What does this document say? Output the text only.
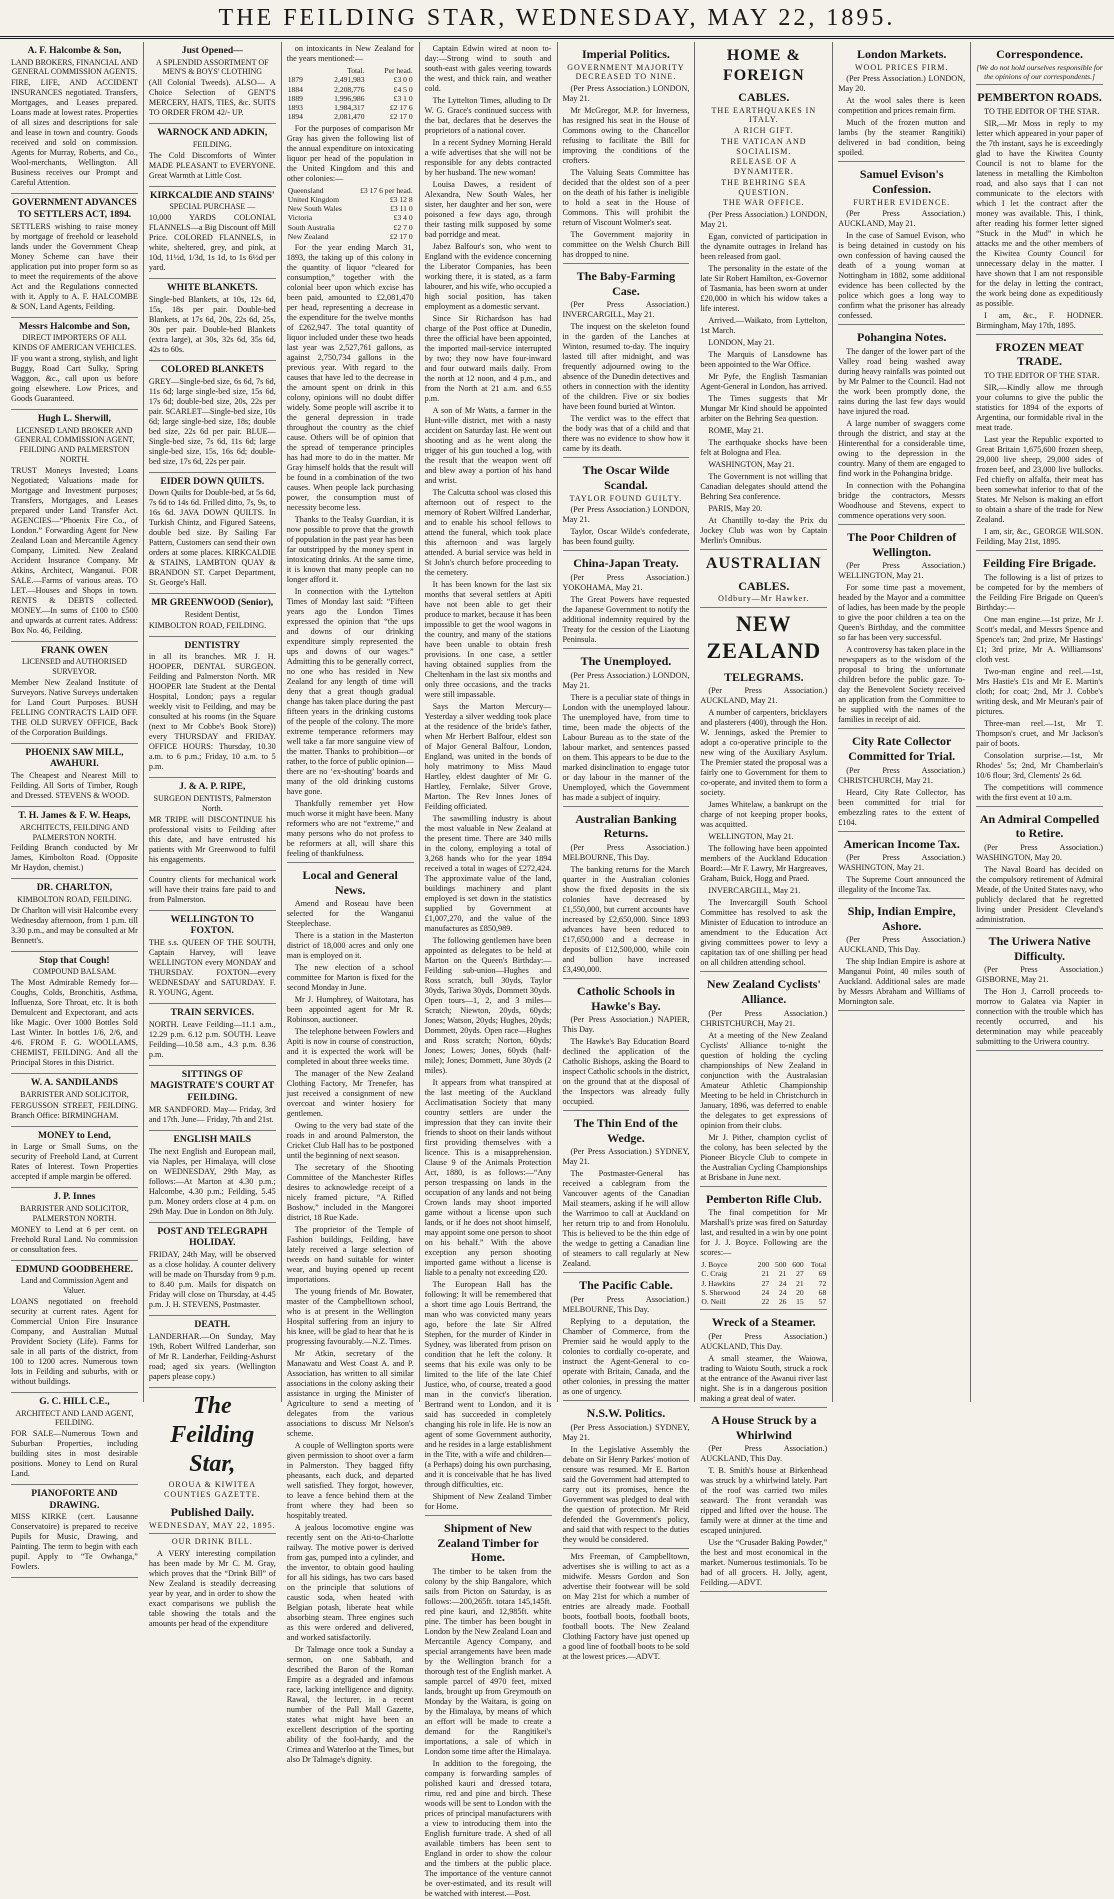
THE FEILDING STAR, WEDNESDAY, MAY 22, 1895.
A. F. Halcombe & Son,
LAND BROKERS, FINANCIAL AND GENERAL COMMISSION AGENTS.

FIRE, LIFE, AND ACCIDENT INSURANCES negotiated. Transfers, Mortgages, and Leases prepared. Loans made at lowest rates. Properties of all sizes and descriptions for sale and lease in town and country. Goods received and sold on commission. Agents for Murray, Roberts, and Co., Wool-merchants, Wellington. All Business receives our Prompt and Careful Attention.

GOVERNMENT ADVANCES TO SETTLERS ACT, 1894.

SETTLERS wishing to raise money by mortgage of freehold or leasehold lands under the Government Cheap Money Scheme can have their application put into proper form so as to meet the requirements of the above Act and the Regulations connected with it. Apply to A. F. HALCOMBE & SON, Land Agents, Feilding.

Messrs Halcombe and Son,
DIRECT IMPORTERS OF ALL KINDS OF AMERICAN VEHICLES.

IF you want a strong, stylish, and light Buggy, Road Cart Sulky, Spring Waggon, &c., call upon us before going elsewhere. Low Prices, and Goods Guaranteed.

Hugh L. Sherwill,
LICENSED LAND BROKER AND GENERAL COMMISSION AGENT, FEILDING AND PALMERSTON NORTH.

TRUST Moneys Invested; Loans Negotiated; Valuations made for Mortgage and Investment purposes; Transfers, Mortgages, and Leases prepared under Land Transfer Act. AGENCIES—“Phoenix Fire Co., of London.” Forwarding Agent for New Zealand Loan and Mercantile Agency Company, Limited. New Zealand Accident Insurance Company. Mr Atkins, Architect, Wanganui. FOR SALE.—Farms of various areas. TO LET.—Houses and Shops in town. RENTS & DEBTS collected. MONEY.—In sums of £100 to £500 and upwards at current rates. Address: Box No. 46, Feilding.

FRANK OWEN
LICENSED and AUTHORISED SURVEYOR.

Member New Zealand Institute of Surveyors. Native Surveys undertaken for Land Court Purposes. BUSH FELLING CONTRACTS LAID OFF. THE OLD SURVEY OFFICE, Back of the Corporation Buildings.

PHOENIX SAW MILL, AWAHURI.

The Cheapest and Nearest Mill to Feilding. All Sorts of Timber, Rough and Dressed. STEVENS & WOOD.

T. H. James & F. W. Heaps,
ARCHITECTS, FEILDING AND PALMERSTON NORTH.

Feilding Branch conducted by Mr James, Kimbolton Road. (Opposite Mr Haydon, chemist.)

DR. CHARLTON,
KIMBOLTON ROAD, FEILDING.

Dr Charlton will visit Halcombe every Wednesday afternoon, from 1 p.m. till 3.30 p.m., and may be consulted at Mr Bennett's.

Stop that Cough!
COMPOUND BALSAM.

The Most Admirable Remedy for—Coughs, Colds, Bronchitis, Asthma, Influenza, Sore Throat, etc. It is both Demulcent and Expectorant, and acts like Magic. Over 1000 Bottles Sold Last Winter. In bottles 1/6, 2/6, and 4/6. FROM F. G. WOOLLAMS, CHEMIST, FEILDING. And all the Principal Stores in this District.

W. A. SANDILANDS
BARRISTER AND SOLICITOR,

FERGUSSON STREET, FEILDING. Branch Office: BIRMINGHAM.

MONEY to Lend,

in Large or Small Sums, on the security of Freehold Land, at Current Rates of Interest. Town Properties accepted if ample margin be offered.

J. P. Innes
BARRISTER AND SOLICITOR, PALMERSTON NORTH.

MONEY to Lend at 6 per cent. on Freehold Rural Land. No commission or consultation fees.

EDMUND GOODBEHERE.
Land and Commission Agent and Valuer.

LOANS negotiated on freehold security at current rates. Agent for Commercial Union Fire Insurance Company, and Australian Mutual Provident Society (Life). Farms for sale in all parts of the district, from 100 to 1200 acres. Numerous town lots in Feilding and suburbs, with or without buildings.

G. C. HILL C.E.,
ARCHITECT AND LAND AGENT, FEILDING.

FOR SALE—Numerous Town and Suburban Properties, including building sites in most desirable positions. Money to Lend on Rural Land.

PIANOFORTE AND DRAWING.

MISS KIRKE (cert. Lausanne Conservatoire) is prepared to receive Pupils for Music, Drawing, and Painting. The term to begin with each pupil. Apply to “Te Owhanga,” Fowlers.

Just Opened—
A SPLENDID ASSORTMENT OF MEN'S & BOYS' CLOTHING

(All Colonial Tweeds). ALSO— A Choice Selection of GENT'S MERCERY, HATS, TIES, &c. SUITS TO ORDER FROM 42/- UP.

WARNOCK AND ADKIN,
FEILDING.

The Cold Discomforts of Winter MADE PLEASANT to EVERYONE. Great Warmth at Little Cost.

KIRKCALDIE AND STAINS'
SPECIAL PURCHASE —

10,000 YARDS COLONIAL FLANNELS—a Big Discount off Mill Price. COLORED FLANNELS, in white, sheltered, grey, and pink, at 10d, 11½d, 1/3d, 1s 1d, to 1s 6½d per yard.

WHITE BLANKETS.

Single-bed Blankets, at 10s, 12s 6d, 15s, 18s per pair. Double-bed Blankets, at 17s 6d, 20s, 22s 6d, 25s, 30s per pair. Double-bed Blankets (extra large), at 30s, 32s 6d, 35s 6d, 42s to 60s.

COLORED BLANKETS

GREY—Single-bed size, 6s 6d, 7s 6d, 11s 6d; large single-bed size, 15s 6d, 17s 6d; double-bed size, 20s, 22s per pair. SCARLET—Single-bed size, 10s 6d; large single-bed size, 18s; double bed size, 22s 6d per pair. BLUE—Single-bed size, 7s 6d, 11s 6d; large single-bed size, 15s, 16s 6d; double-bed size, 17s 6d, 22s per pair.

EIDER DOWN QUILTS.

Down Quilts for Double-bed, at 5s 6d, 7s 6d to 14s 6d. Frilled ditto, 7s, 9s, to 16s 6d. JAVA DOWN QUILTS. In Turkish Chintz, and Figured Sateens, double bed size. By Sailing Far Pattern, Customers can send their own orders at some places. KIRKCALDIE & STAINS, LAMBTON QUAY & BRANDON ST. Carpet Department, St. George's Hall.

MR GREENWOOD (Senior),
Resident Dentist,

KIMBOLTON ROAD, FEILDING.

DENTISTRY

in all its branches. MR J. H. HOOPER, DENTAL SURGEON. Feilding and Palmerston North. MR HOOPER late Student at the Dental Hospital, London; pays a regular weekly visit to Feilding, and may be consulted at his rooms (in the Square (next to Mr Cobbe's Book Store)) every THURSDAY and FRIDAY. OFFICE HOURS: Thursday, 10.30 a.m. to 6 p.m.; Friday, 10 a.m. to 5 p.m.

J. & A. P. RIPE,
SURGEON DENTISTS, Palmerston North.

MR TRIPE will DISCONTINUE his professional visits to Feilding after this date, and have entrusted his patients with Mr Greenwood to fulfil his engagements.

Country clients for mechanical work will have their trains fare paid to and from Palmerston.

WELLINGTON TO FOXTON.

THE s.s. QUEEN OF THE SOUTH, Captain Harvey, will leave WELLINGTON every MONDAY and THURSDAY. FOXTON—every WEDNESDAY and SATURDAY. F. R. YOUNG, Agent.

TRAIN SERVICES.

NORTH. Leave Feilding—11.1 a.m., 12.29 p.m. 6.12 p.m. SOUTH. Leave Feilding—10.58 a.m., 4.3 p.m. 8.36 p.m.

SITTINGS OF MAGISTRATE'S COURT AT FEILDING.

MR SANDFORD. May— Friday, 3rd and 17th. June— Friday, 7th and 21st.

ENGLISH MAILS

The next English and European mail, via Naples, per Himalaya, will close on WEDNESDAY, 29th May, as follows:—At Marton at 4.30 p.m.; Halcombe, 4.30 p.m.; Feilding, 5.45 p.m. Money orders close at 4 p.m. on 29th May. Due in London on 8th July.

POST AND TELEGRAPH HOLIDAY.

FRIDAY, 24th May, will be observed as a close holiday. A counter delivery will be made on Thursday from 9 p.m. to 8.40 p.m. Mails for dispatch on Friday will close on Thursday, at 4.45 p.m. J. H. STEVENS, Postmaster.

DEATH.

LANDERHAR.—On Sunday, May 19th, Robert Wilfred Landerhar, son of Mr R. Landerhar, Feilding-Ashurst road; aged six years. (Wellington papers please copy.)

The Feilding Star,
OROUA & KIWITEA COUNTIES GAZETTE.
Published Daily.
WEDNESDAY, MAY 22, 1895.
OUR DRINK BILL.

A VERY interesting compilation has been made by Mr C. M. Gray, which proves that the “Drink Bill” of New Zealand is steadily decreasing year by year, and in order to show the exact comparisons we publish the table showing the totals and the amounts per head of the expenditure

on intoxicants in New Zealand for the years mentioned:—

	Total.	Per head.
1879	2,491,983	£3 0 0
1884	2,208,776	£4 5 0
1889	1,996,986	£3 1 0
1893	1,984,317	£2 17 6
1894	2,081,470	£2 17 0

For the purposes of comparison Mr Gray has given the following list of the annual expenditure on intoxicating liquor per head of the population in the United Kingdom and this and other colonies:—

Queensland	£3 17 6 per head.
United Kingdom	£3 12 8
New South Wales	£3 11 0
Victoria	£3 4 0
South Australia	£2 7 0
New Zealand	£2 17 0

For the year ending March 31, 1893, the taking up of this colony in the quantity of liquor “cleared for consumption,” together with the colonial beer upon which excise has been paid, amounted to £2,081,470 per head, representing a decrease in the expenditure for the twelve months of £262,947. The total quantity of liquor included under these two heads last year was 2,527,761 gallons, as against 2,750,734 gallons in the previous year. With regard to the causes that have led to the decrease in the amount spent on drink in this colony, opinions will no doubt differ widely. Some people will ascribe it to the general depression in trade throughout the country as the chief cause. Others will be of opinion that the spread of temperance principles has had more to do in the matter. Mr Gray himself holds that the result will be found in a combination of the two causes. When people lack purchasing power, the consumption must of necessity become less.

Thanks to the Tealsy Guardian, it is now possible to prove that the growth of population in the past year has been far outstripped by the money spent in intoxicating drinks. At the same time, it is known that many people can no longer afford it.

In connection with the Lyttelton Times of Monday last said: “Fifteen years ago the London Times expressed the opinion that “the ups and downs of our drinking expenditure simply represented the ups and downs of our wages.” Admitting this to be generally correct, no one who has resided in New Zealand for any length of time will deny that a great though gradual change has taken place during the past fifteen years in the drinking customs of the people of the colony. The more extreme temperance reformers may well take a far more sanguine view of the matter. Thanks to prohibition—or rather, to the force of public opinion—there are no ‘ex-shouting’ boards and many of the old drinking customs have gone.

Thankfully remember yet How much worse it might have been. Many reformers who are not “extreme,” and many persons who do not profess to be reformers at all, will share this feeling of thankfulness.

Local and General News.

Amend and Roseau have been selected for the Wanganui Steeplechase.

There is a station in the Masterton district of 18,000 acres and only one man is employed on it.

The new election of a school committee for Marton is fixed for the second Monday in June.

Mr J. Humphrey, of Waitotara, has been appointed agent for Mr R. Robinson, auctioneer.

The telephone between Fowlers and Apiti is now in course of construction, and it is expected the work will be completed in about three weeks time.

The manager of the New Zealand Clothing Factory, Mr Trenefer, has just received a consignment of new overcoat and winter hosiery for gentlemen.

Owing to the very bad state of the roads in and around Palmerston, the Cricket Club Hall has to be postponed until the beginning of next season.

The secretary of the Shooting Committee of the Manchester Rifles desires to acknowledge receipt of a nicely framed picture, “A Rifled Boshow,” included in the Mangorei district, 18 Rue Kade.

The proprietor of the Temple of Fashion buildings, Feilding, have lately received a large selection of tweeds on hand suitable for winter wear, and buying opened up recent importations.

The young friends of Mr. Bowater, master of the Campbelltown school, who is at present in the Wellington Hospital suffering from an injury to his knee, will be glad to hear that he is progressing favourably.—N.Z. Times.

Mr Atkin, secretary of the Manawatu and West Coast A. and P. Association, has written to all similar associations in the colony asking their assistance in urging the Minister of Agriculture to send a meeting of delegates from the various associations to discuss Mr Nelson's scheme.

A couple of Wellington sports were given permission to shoot over a farm in Palmerston. They bagged fifty pheasants, each duck, and departed well satisfied. They forgot, however, to leave a fence behind them at the front where they had been so hospitably treated.

A jealous locomotive engine was recently sent on the Ati-to-Charlotte railway. The motive power is derived from gas, pumped into a cylinder, and the inventor, to obtain good hauling for all his sidings, has two cars based on the principle that solutions of caustic soda, when heated with Belgian potash, liberate heat while absorbing steam. Three engines such as this were ordered and delivered, and worked satisfactorily.

Dr Talmage once took a Sunday a sermon, on one Sabbath, and described the Baron of the Roman Empire as a degraded and infamous race, lacking intelligence and dignity. Rawal, the lecturer, in a recent number of the Pall Mall Gazette, states what might have been an excellent description of the sporting ability of the fool-hardy, and the Crimea and Waterloo at the Times, but also Dr Talmage's dignity.

Captain Edwin wired at noon to-day:—Strong wind to south and south-east with gales veering towards the west, and thick rain, and weather cold.

The Lyttelton Times, alluding to Dr W. G. Grace's continued success with the bat, declares that he deserves the proprietors of a national cover.

In a recent Sydney Morning Herald a wife advertises that she will not be responsible for any debts contracted by her husband. The new woman!

Louisa Dawes, a resident of Alexandra, New South Wales, her sister, her daughter and her son, were poisoned a few days ago, through their tasting milk supposed by some bad porridge and meat.

Jabez Balfour's son, who went to England with the evidence concerning the Liberator Companies, has been working there, it is stated, as a farm labourer, and his wife, who occupied a high social position, has taken employment as a domestic servant.

Since Sir Richardson has had charge of the Post office at Dunedin, three the official have been appointed, the imported mail-service interrupted by two; they now have four-inward and four outward mails daily. From the north at 12 noon, and 4 p.m., and from the North at 21 a.m. and 6.55 p.m.

A son of Mr Watts, a farmer in the Hunt-ville district, met with a nasty accident on Saturday last. He went out shooting and as he went along the trigger of his gun touched a log, with the result that the weapon went off and blew away a portion of his hand and wrist.

The Calcutta school was closed this afternoon out of respect to the memory of Robert Wilfred Landerhar, and to enable his school fellows to attend the funeral, which took place this afternoon and was largely attended. A burial service was held in St John's church before proceeding to the cemetery.

It has been known for the last six months that several settlers at Apiti have not been able to get their produce to market, because it has been impossible to get the wool wagons in the country, and many of the stations have been unable to obtain fresh provisions. In one case, a settler having obtained supplies from the Cheltenham in the last six months and only three occasions, and the tracks were still impassable.

Says the Marton Mercury—Yesterday a silver wedding took place at the residence of the bride's father, when Mr Herbert Balfour, eldest son of Major General Balfour, London, England, was united in the bonds of holy matrimony to Miss Maud Hartley, eldest daughter of Mr G. Hartley, Fernlake, Silver Grove, Marton. The Rev Innes Jones of Feilding officiated.

The sawmilling industry is about the most valuable in New Zealand at the present time. There are 340 mills in the colony, employing a total of 3,268 hands who for the year 1894 received a total in wages of £272,424. The approximate value of the land, buildings machinery and plant employed is set down in the statistics supplied by Government at £1,007,270, and the value of the manufactures as £850,989.

The following gentlemen have been appointed as delegates to be held at Marton on the Queen's Birthday:—Feilding sub-union—Hughes and Ross scratch, bull 30yds, Taylor 30yds, Tariwa 30yds, Dommett 30yds. Open tours—1, 2, and 3 miles—Scratch; Niewton, 20yds, 60yds; Jones; Watson, 20yds; Hughes, 20yds; Dommett, 20yds. Open race—Hughes and Ross scratch; Norton, 60yds; Jones; Lowes; Jones, 60yds (half-mile); Jones; Dommett, June 30yds (2 miles).

It appears from what transpired at the last meeting of the Auckland Acclimatisation Society that many country settlers are under the impression that they can invite their friends to shoot on their lands without first providing themselves with a licence. This is a misapprehension. Clause 9 of the Animals Protection Act, 1880, is as follows:—“Any person trespassing on lands in the occupation of any lands and not being Crown lands may shoot imported game without a license upon such lands, or if he does not shoot himself, may appoint some one person to shoot on his behalf.” With the above exception any person shooting imported game without a license is liable to a penalty not exceeding £20.

The European Hall has the following: It will be remembered that a short time ago Louis Bertrand, the man who was convicted many years ago, before the late Sir Alfred Stephen, for the murder of Kinder in Sydney, was liberated from prison on condition that he left the colony. It seems that his exile was only to be limited to the life of the late Chief Justice, who, of course, treated a good man in the convict's liberation. Bertrand went to London, and it is said has succeeded in completely changing his role in life. He is now an agent of some Government authority, and he resides in a large establishment in the Tite, with a wife and children—(a Perhaps) doing his own purchasing, and it is conceivable that he has lived through difficulties, etc.

Shipment of New Zealand Timber for Home.

Shipment of New Zealand Timber for Home.

The timber to be taken from the colony by the ship Bangalore, which sails from Picton on Saturday, is as follows:—200,265ft. totara 145,145ft. red pine kauri, and 12,985ft. white pine. The timber has been bought in London by the New Zealand Loan and Mercantile Agency Company, and special arrangements have been made by the Wellington branch for a thorough test of the English market. A sample parcel of 4970 feet, mixed lands, brought up from Greymouth on Monday by the Waitara, is going on by the Himalaya, by means of which an effort will be made to create a demand for the Rangitikei's importations, a sale of which in London some time after the Himalaya.

In addition to the foregoing, the company is forwarding samples of polished kauri and dressed totara, rimu, red and pine and birch. These woods will be sent to London with the prices of principal manufacturers with a view to introducing them into the English furniture trade. A shed of all available timbers has been sent to England in order to show the colour and the timbers at the public place. The importance of the venture cannot be over-estimated, and its result will be watched with interest.—Post.

Imperial Politics.
GOVERNMENT MAJORITY DECREASED TO NINE.

(Per Press Association.) LONDON, May 21.

Mr McGregor, M.P. for Inverness, has resigned his seat in the House of Commons owing to the Chancellor refusing to facilitate the Bill for improving the conditions of the crofters.

The Valuing Seats Committee has decided that the oldest son of a peer on the death of his father is ineligible to hold a seat in the House of Commons. This will prohibit the return of Viscount Wolmer's seat.

The Government majority in committee on the Welsh Church Bill has dropped to nine.

The Baby-Farming Case.

(Per Press Association.) INVERCARGILL, May 21.

The inquest on the skeleton found in the garden of the Lanches at Winton, resumed to-day. The inquiry lasted till after midnight, and was frequently adjourned owing to the absence of the Dunedin detectives and others in connection with the identity of the children. Five or six bodies have been found buried at Winton.

The verdict was to the effect that the body was that of a child and that there was no evidence to show how it came by its death.

The Oscar Wilde Scandal.
TAYLOR FOUND GUILTY.

(Per Press Association.) LONDON, May 21.

Taylor, Oscar Wilde's confederate, has been found guilty.

China-Japan Treaty.

(Per Press Association.) YOKOHAMA, May 21.

The Great Powers have requested the Japanese Government to notify the additional indemnity required by the Treaty for the cession of the Liaotung Peninsula.

The Unemployed.

(Per Press Association.) LONDON, May 21.

There is a peculiar state of things in London with the unemployed labour. The unemployed have, from time to time, been made the objects of the Labour Bureau as to the state of the labour market, and sentences passed on them. This appears to be due to the marked disinclination to engage tutor or day labour in the manner of the Unemployed, which the Government has made a subject of inquiry.

Australian Banking Returns.

(Per Press Association.) MELBOURNE, This Day.

The banking returns for the March quarter in the Australian colonies show the fixed deposits in the six colonies have decreased by £1,550,000, but current accounts have increased by £2,650,000. Since 1893 advances have been reduced to £17,650,000 and a decrease in deposits of £12,500,000, while coin and bullion have increased £3,490,000.

Catholic Schools in Hawke's Bay.

(Per Press Association.) NAPIER, This Day.

The Hawke's Bay Education Board declined the application of the Catholic Bishops, asking the Board to inspect Catholic schools in the district, on the ground that at the disposal of the Inspectors was already fully occupied.

The Thin End of the Wedge.

(Per Press Association.) SYDNEY, May 21.

The Postmaster-General has received a cablegram from the Vancouver agents of the Canadian Mail steamers, asking if he will allow the Warrimoo to call at Auckland on her return trip to and from Honolulu. This is believed to be the thin edge of the wedge to getting a Canadian line of steamers to call regularly at New Zealand.

The Pacific Cable.

(Per Press Association.) MELBOURNE, This Day.

Replying to a deputation, the Chamber of Commerce, from the Premier said he would apply to the colonies to cordially co-operate, and instruct the Agent-General to co-operate with Britain, Canada, and the other colonies, in pressing the matter as one of urgency.

N.S.W. Politics.

(Per Press Association.) SYDNEY, May 21.

In the Legislative Assembly the debate on Sir Henry Parkes' motion of censure was resumed. Mr E. Barton said the Government had attempted to carry out its promises, hence the Government was pledged to deal with the question of protection. Mr Reid defended the Government's policy, and said that with respect to the duties they would be considered.

Mrs Freeman, of Campbelltown, advertises she is willing to act as a midwife. Messrs Gordon and Son advertise their footwear will be sold on May 21st for which a number of entries are already made. Football boots, football boots, football boots, football boots. The New Zealand Clothing Factory have just opened up a good line of football boots to be sold at the lowest prices.—ADVT.

HOME & FOREIGN
CABLES.
THE EARTHQUAKES IN ITALY.
A RICH GIFT.
THE VATICAN AND SOCIALISM.
RELEASE OF A DYNAMITER.
THE BEHRING SEA QUESTION.
THE WAR OFFICE.

(Per Press Association.) LONDON, May 21.

Egan, convicted of participation in the dynamite outrages in Ireland has been released from gaol.

The personality in the estate of the late Sir Robert Hamilton, ex-Governor of Tasmania, has been sworn at under £20,000 in which his widow takes a life interest.

Arrived.—Waikato, from Lyttelton, 1st March.

LONDON, May 21.

The Marquis of Lansdowne has been appointed to the War Office.

Mr Pyfe, the English Tasmanian Agent-General in London, has arrived.

The Times suggests that Mr Mungar Mr Kind should be appointed arbiter on the Behring Sea question.

ROME, May 21.

The earthquake shocks have been felt at Bologna and Flea.

WASHINGTON, May 21.

The Government is not willing that Canadian delegates should attend the Behring Sea conference.

PARIS, May 20.

At Chantilly to-day the Prix du Jockey Club was won by Captain Merlin's Omnibus.

AUSTRALIAN
CABLES.
Oldbury—Mr Hawker.
NEW ZEALAND
TELEGRAMS.

(Per Press Association.) AUCKLAND, May 21.

A number of carpenters, bricklayers and plasterers (400), through the Hon. W. Jennings, asked the Premier to adopt a co-operative principle to the new wing of the Auxiliary Asylum. The Premier stated the proposal was a fairly one to Government for them to co-operate, and invited them to form a society.

James Whitelaw, a bankrupt on the charge of not keeping proper books, was acquitted.

WELLINGTON, May 21.

The following have been appointed members of the Auckland Education Board:—Mr F. Lawry, Mr Hargreaves, Graham, Buick, Hogg and Praed.

INVERCARGILL, May 21.

The Invercargill South School Committee has resolved to ask the Minister of Education to introduce an amendment to the Education Act giving committees power to levy a capitation tax of one shilling per head on all children attending school.

New Zealand Cyclists' Alliance.

(Per Press Association.) CHRISTCHURCH, May 21.

At a meeting of the New Zealand Cyclists' Alliance to-night the question of holding the cycling championships of New Zealand in conjunction with the Australasian Amateur Athletic Championship Meeting to be held in Christchurch in January, 1896, was deferred to enable the delegates to get expressions of opinion from their clubs.

Mr J. Pither, champion cyclist of the colony, has been selected by the Pioneer Bicycle Club to compete in the Australian Cycling Championships at Brisbane in June next.

Pemberton Rifle Club.

The final competition for Mr Marshall's prize was fired on Saturday last, and resulted in a win by one point for J. J. Boyce. Following are the scores:—

J. Boyce	200	500	600	Total
C. Craig	21	21	27	69
J. Hawkins	27	24	21	72
S. Sherwood	24	24	20	68
O. Neill	22	26	15	57
Wreck of a Steamer.

(Per Press Association.) AUCKLAND, This Day.

A small steamer, the Waiowa, trading to Waiotu South, struck a rock at the entrance of the Awanui river last night. She is in a dangerous position making a great deal of water.

A House Struck by a Whirlwind

(Per Press Association.) AUCKLAND, This Day.

T. B. Smith's house at Birkenhead was struck by a whirlwind lately. Part of the roof was carried two miles seaward. The front verandah was ripped and lifted over the house. The family were at dinner at the time and escaped uninjured.

Use the “Crusader Baking Powder,” the best and most economical in the market. Numerous testimonials. To be had of all grocers. H. Jolly, agent, Feilding.—ADVT.

London Markets.
WOOL PRICES FIRM.

(Per Press Association.) LONDON, May 20.

At the wool sales there is keen competition and prices remain firm.

Much of the frozen mutton and lambs (by the steamer Rangitiki) delivered in bad condition, being spoiled.

Samuel Evison's Confession.
FURTHER EVIDENCE.

(Per Press Association.) AUCKLAND, May 21.

In the case of Samuel Evison, who is being detained in custody on his own confession of having caused the death of a young woman at Nottingham in 1882, some additional evidence has been collected by the police which goes a long way to confirm what the prisoner has already confessed.

Pohangina Notes.

The danger of the lower part of the Valley road being washed away during heavy rainfalls was pointed out by Mr Palmer to the Council. Had not the work been promptly done, the rains during the last few days would have injured the road.

A large number of swaggers come through the district, and stay at the Hinterenthal for a considerable time, owing to the depression in the country. Many of them are engaged to find work in the Pohangina bridge.

In connection with the Pohangina bridge the contractors, Messrs Woodhouse and Stevens, expect to commence operations very soon.

The Poor Children of Wellington.

(Per Press Association.) WELLINGTON, May 21.

For some time past a movement, headed by the Mayor and a committee of ladies, has been made by the people to give the poor children a tea on the Queen's Birthday, and the committee so far has been very successful.

A controversy has taken place in the newspapers as to the wisdom of the proposal to bring the unfortunate children before the public gaze. To-day the Benevolent Society received an application from the Committee to be supplied with the names of the families in receipt of aid.

City Rate Collector Committed for Trial.

(Per Press Association.) CHRISTCHURCH, May 21.

Heard, City Rate Collector, has been committed for trial for embezzling rates to the extent of £104.

American Income Tax.

(Per Press Association.) WASHINGTON, May 21.

The Supreme Court announced the illegality of the Income Tax.

Ship, Indian Empire, Ashore.

(Per Press Association.) AUCKLAND, This Day.

The ship Indian Empire is ashore at Manganui Point, 40 miles south of Auckland. Additional sales are made by Messrs Abraham and Williams of Mornington sale.

Correspondence.
[We do not hold ourselves responsible for the opinions of our correspondents.]
PEMBERTON ROADS.

TO THE EDITOR OF THE STAR.

SIR,—Mr Moss in reply to my letter which appeared in your paper of the 7th instant, says he is exceedingly glad to have the Kiwitea County Council is not to blame for the lateness in metalling the Kimbolton road, and also says that I can not communicate to the electors with which I let the contract after the money was available. This, I think, after reading his former letter signed “Stuck in the Mud” in which he attacks me and the other members of the Kiwitea County Council for unnecessary delay in the matter. I have shown that I am not responsible for the delay in letting the contract, the work being done as expeditiously as possible.

I am, &c., F. HODNER. Birmingham, May 17th, 1895.

FROZEN MEAT TRADE.

TO THE EDITOR OF THE STAR.

SIR,—Kindly allow me through your columns to give the public the statistics for 1894 of the exports of Argentina, our formidable rival in the meat trade.

Last year the Republic exported to Great Britain 1,675,600 frozen sheep, 29,000 live sheep, 29,000 sides of frozen beef, and 23,000 live bullocks. Fed chiefly on alfalfa, their meat has been somewhat inferior to that of the States. Mr Nelson is making an effort to obtain a share of the trade for New Zealand.

I am, sir, &c., GEORGE WILSON. Feilding, May 21st, 1895.

Feilding Fire Brigade.

The following is a list of prizes to be competed for by the members of the Feilding Fire Brigade on Queen's Birthday:—

One man engine.—1st prize, Mr J. Scott's medal, and Messrs Spence and Spence's tan; 2nd prize, Mr Hastings' £1; 3rd prize, Mr A. Williamsons' cloth vest.

Two-man engine and reel.—1st, Mrs Hastie's £1s and Mr E. Martin's cloth; for coat; 2nd, Mr J. Cobbe's writing desk, and Mr Meuran's pair of pictures.

Three-man reel.—1st, Mr T. Thompson's cruet, and Mr Jackson's pair of boots.

Consolation surprise.—1st, Mr Rhodes' 5s; 2nd, Mr Chamberlain's 10/6 flour; 3rd, Clements' 2s 6d.

The competitions will commence with the first event at 10 a.m.

An Admiral Compelled to Retire.

(Per Press Association.) WASHINGTON, May 20.

The Naval Board has decided on the compulsory retirement of Admiral Meade, of the United States navy, who publicly declared that he regretted living under President Cleveland's administration.

The Uriwera Native Difficulty.

(Per Press Association.) GISBORNE, May 21.

The Hon J. Carroll proceeds to-morrow to Galatea via Napier in connection with the trouble which has recently occurred, and his determination may while peaceably submitting to the Uriwera country.
